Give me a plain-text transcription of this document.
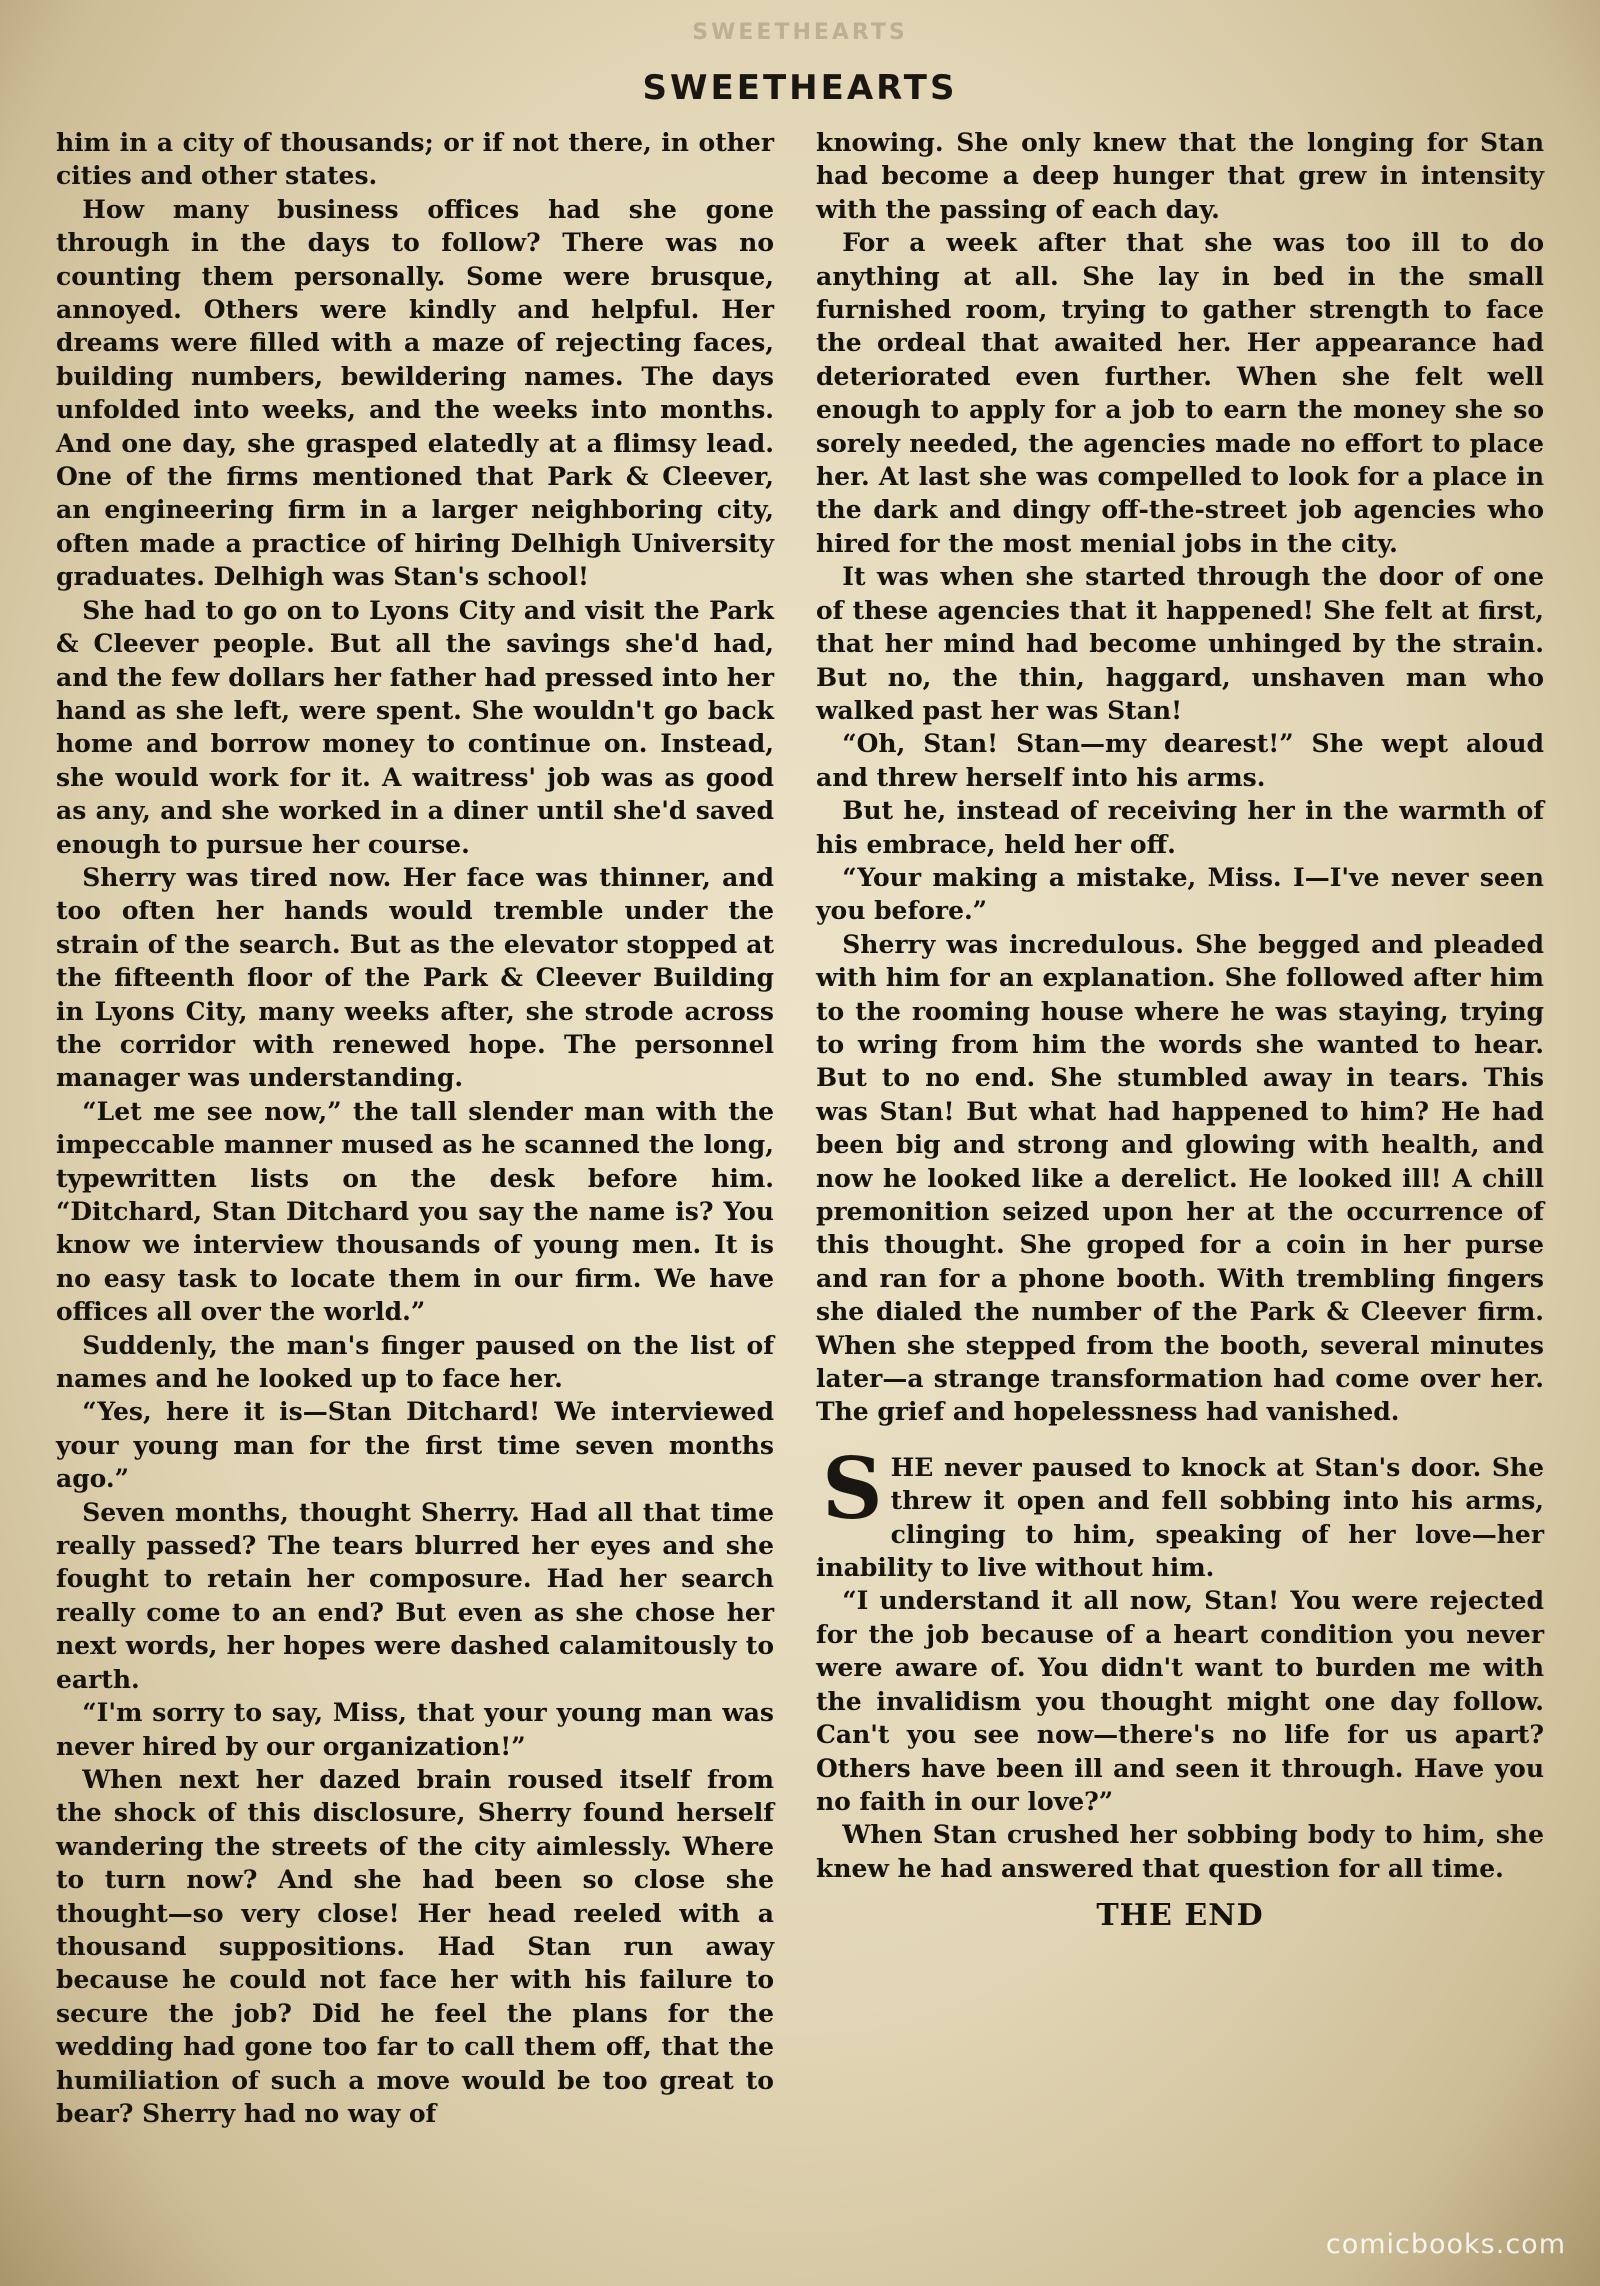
SWEETHEARTS
SWEETHEARTS

him in a city of thousands; or if not there, in other cities and other states.

How many business offices had she gone through in the days to follow? There was no counting them personally. Some were brusque, annoyed. Others were kindly and helpful. Her dreams were filled with a maze of rejecting faces, building numbers, bewildering names. The days unfolded into weeks, and the weeks into months. And one day, she grasped elatedly at a flimsy lead. One of the firms mentioned that Park & Cleever, an engineering firm in a larger neighboring city, often made a practice of hiring Delhigh University graduates. Delhigh was Stan's school!

She had to go on to Lyons City and visit the Park & Cleever people. But all the savings she'd had, and the few dollars her father had pressed into her hand as she left, were spent. She wouldn't go back home and borrow money to continue on. Instead, she would work for it. A waitress' job was as good as any, and she worked in a diner until she'd saved enough to pursue her course.

Sherry was tired now. Her face was thinner, and too often her hands would tremble under the strain of the search. But as the elevator stopped at the fifteenth floor of the Park & Cleever Building in Lyons City, many weeks after, she strode across the corridor with renewed hope. The personnel manager was understanding.

“Let me see now,” the tall slender man with the impeccable manner mused as he scanned the long, typewritten lists on the desk before him. “Ditchard, Stan Ditchard you say the name is? You know we interview thousands of young men. It is no easy task to locate them in our firm. We have offices all over the world.”

Suddenly, the man's finger paused on the list of names and he looked up to face her.

“Yes, here it is—Stan Ditchard! We interviewed your young man for the first time seven months ago.”

Seven months, thought Sherry. Had all that time really passed? The tears blurred her eyes and she fought to retain her composure. Had her search really come to an end? But even as she chose her next words, her hopes were dashed calamitously to earth.

“I'm sorry to say, Miss, that your young man was never hired by our organization!”

When next her dazed brain roused itself from the shock of this disclosure, Sherry found herself wandering the streets of the city aimlessly. Where to turn now? And she had been so close she thought—so very close! Her head reeled with a thousand suppositions. Had Stan run away because he could not face her with his failure to secure the job? Did he feel the plans for the wedding had gone too far to call them off, that the humiliation of such a move would be too great to bear? Sherry had no way of

knowing. She only knew that the longing for Stan had become a deep hunger that grew in intensity with the passing of each day.

For a week after that she was too ill to do anything at all. She lay in bed in the small furnished room, trying to gather strength to face the ordeal that awaited her. Her appearance had deteriorated even further. When she felt well enough to apply for a job to earn the money she so sorely needed, the agencies made no effort to place her. At last she was compelled to look for a place in the dark and dingy off-the-street job agencies who hired for the most menial jobs in the city.

It was when she started through the door of one of these agencies that it happened! She felt at first, that her mind had become unhinged by the strain. But no, the thin, haggard, unshaven man who walked past her was Stan!

“Oh, Stan! Stan—my dearest!” She wept aloud and threw herself into his arms.

But he, instead of receiving her in the warmth of his embrace, held her off.

“Your making a mistake, Miss. I—I've never seen you before.”

Sherry was incredulous. She begged and pleaded with him for an explanation. She followed after him to the rooming house where he was staying, trying to wring from him the words she wanted to hear. But to no end. She stumbled away in tears. This was Stan! But what had happened to him? He had been big and strong and glowing with health, and now he looked like a derelict. He looked ill! A chill premonition seized upon her at the occurrence of this thought. She groped for a coin in her purse and ran for a phone booth. With trembling fingers she dialed the number of the Park & Cleever firm. When she stepped from the booth, several minutes later—a strange transformation had come over her. The grief and hopelessness had vanished.

SHE never paused to knock at Stan's door. She threw it open and fell sobbing into his arms, clinging to him, speaking of her love—her inability to live without him.

“I understand it all now, Stan! You were rejected for the job because of a heart condition you never were aware of. You didn't want to burden me with the invalidism you thought might one day follow. Can't you see now—there's no life for us apart? Others have been ill and seen it through. Have you no faith in our love?”

When Stan crushed her sobbing body to him, she knew he had answered that question for all time.

THE END
comicbooks.com
